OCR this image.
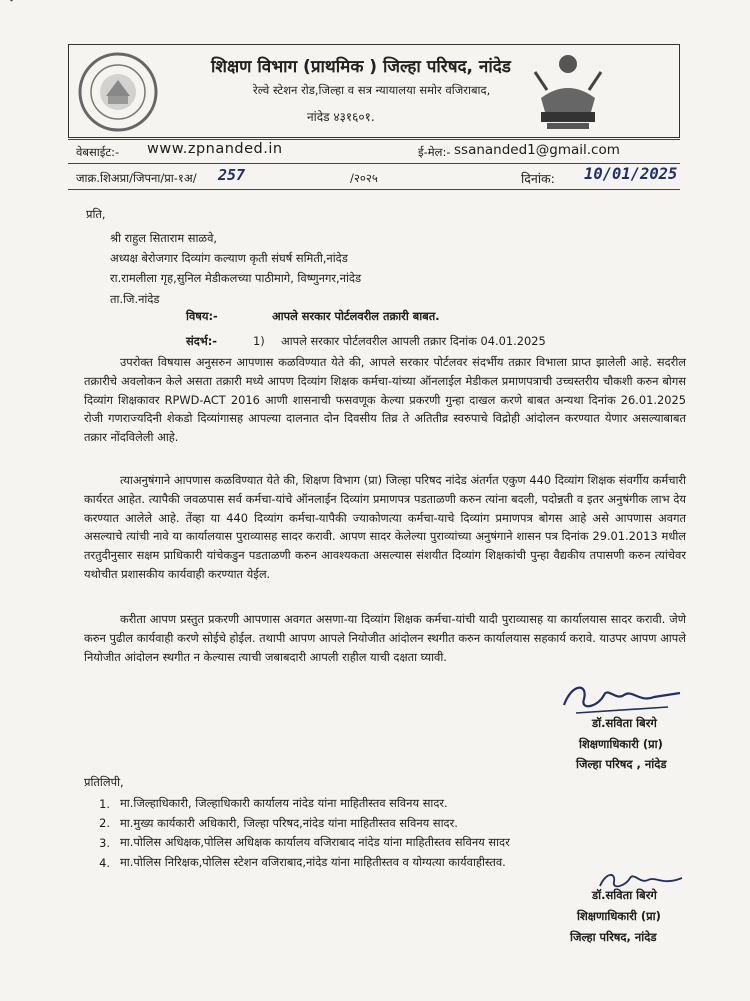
शिक्षण विभाग (प्राथमिक ) जिल्हा परिषद, नांदेड
रेल्वे स्टेशन रोड,जिल्हा व सत्र न्यायालया समोर वजिराबाद,
नांदेड ४३१६०१.
वेबसाईट:- www.zpnanded.in	ई-मेल:- ssananded1@gmail.com
जाक्र.शिअप्रा/जिपना/प्रा-१अ/ 257	/२०२५	दिनांक: 10/01/2025
प्रति,
श्री राहुल सिताराम साळवे,
अध्यक्ष बेरोजगार दिव्यांग कल्याण कृती संघर्ष समिती,नांदेड
रा.रामलीला गृह,सुनिल मेडीकलच्या पाठीमागे, विष्णुनगर,नांदेड
ता.जि.नांदेड
विषय:-	आपले सरकार पोर्टलवरील तक्रारी बाबत.
संदर्भ:-	1) आपले सरकार पोर्टलवरील आपली तक्रार दिनांक 04.01.2025

उपरोक्त विषयास अनुसरुन आपणास कळविण्यात येते की, आपले सरकार पोर्टलवर संदर्भीय तक्रार विभाला प्राप्त झालेली आहे. सदरील तक्रारीचे अवलोकन केले असता तक्रारी मध्ये आपण दिव्यांग शिक्षक कर्मचा-यांच्या ऑनलाईल मेडीकल प्रमाणपत्राची उच्चस्तरीय चौकशी करुन बोगस दिव्यांग शिक्षकावर RPWD-ACT 2016 आणी शासनाची फसवणूक केल्या प्रकरणी गुन्हा दाखल करणे बाबत अन्यथा दिनांक 26.01.2025 रोजी गणराज्यदिनी शेकडो दिव्यांगासह आपल्या दालनात दोन दिवसीय तिव्र ते अतितीव्र स्वरुपाचे विद्रोही आंदोलन करण्यात येणार असल्याबाबत तक्रार नोंदविलेली आहे.

त्याअनुषंगाने आपणास कळविण्यात येते की, शिक्षण विभाग (प्रा) जिल्हा परिषद नांदेड अंतर्गत एकुण 440 दिव्यांग शिक्षक संवर्गीय कर्मचारी कार्यरत आहेत. त्यापैकी जवळपास सर्व कर्मचा-यांचे ऑनलाईन दिव्यांग प्रमाणपत्र पडताळणी करुन त्यांना बदली, पदोन्नती व इतर अनुषंगीक लाभ देय करण्यात आलेले आहे. तेंव्हा या 440 दिव्यांग कर्मचा-यापैकी ज्याकोणत्या कर्मचा-याचे दिव्यांग प्रमाणपत्र बोगस आहे असे आपणास अवगत असल्याचे त्यांची नावे या कार्यालयास पुराव्यासह सादर करावी. आपण सादर केलेल्या पुराव्यांच्या अनुषंगाने शासन पत्र दिनांक 29.01.2013 मधील तरतुदीनुसार सक्षम प्राधिकारी यांचेकडुन पडताळणी करुन आवश्यकता असल्यास संशयीत दिव्यांग शिक्षकांची पुन्हा वैद्यकीय तपासणी करुन त्यांचेवर यथोचीत प्रशासकीय कार्यवाही करण्यात येईल.

करीता आपण प्रस्तुत प्रकरणी आपणास अवगत असणा-या दिव्यांग शिक्षक कर्मचा-यांची यादी पुराव्यासह या कार्यालयास सादर करावी. जेणे करुन पुढील कार्यवाही करणे सोईचे होईल. तथापी आपण आपले नियोजीत आंदोलन स्थगीत करुन कार्यालयास सहकार्य करावे. याउपर आपण आपले नियोजीत आंदोलन स्थगीत न केल्यास त्याची जबाबदारी आपली राहील याची दक्षता घ्यावी.

डॉ.सविता बिरगे
शिक्षणाधिकारी (प्रा)
जिल्हा परिषद , नांदेड
प्रतिलिपी,
1. मा.जिल्हाधिकारी, जिल्हाधिकारी कार्यालय नांदेड यांना माहितीस्तव सविनय सादर.
2. मा.मुख्य कार्यकारी अधिकारी, जिल्हा परिषद,नांदेड यांना माहितीस्तव सविनय सादर.
3. मा.पोलिस अधिक्षक,पोलिस अधिक्षक कार्यालय वजिराबाद नांदेड यांना माहितीस्तव सविनय सादर
4. मा.पोलिस निरिक्षक,पोलिस स्टेशन वजिराबाद,नांदेड यांना माहितीस्तव व योग्यत्या कार्यवाहीस्तव.
डॉ.सविता बिरगे
शिक्षणाधिकारी (प्रा)
जिल्हा परिषद, नांदेड
